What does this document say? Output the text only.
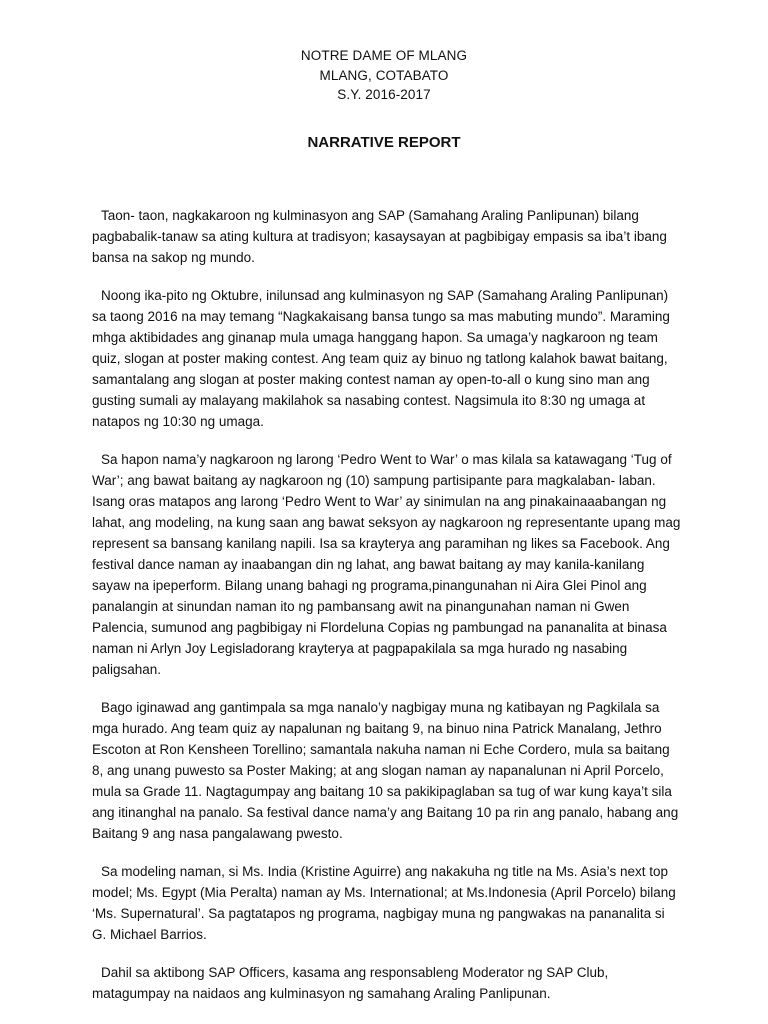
NOTRE DAME OF MLANG
MLANG, COTABATO
S.Y. 2016-2017
NARRATIVE REPORT

Taon- taon, nagkakaroon ng kulminasyon ang SAP (Samahang Araling Panlipunan) bilang pagbabalik-tanaw sa ating kultura at tradisyon; kasaysayan at pagbibigay empasis sa iba’t ibang bansa na sakop ng mundo.

Noong ika-pito ng Oktubre, inilunsad ang kulminasyon ng SAP (Samahang Araling Panlipunan) sa taong 2016 na may temang “Nagkakaisang bansa tungo sa mas mabuting mundo”. Maraming mhga aktibidades ang ginanap mula umaga hanggang hapon. Sa umaga’y nagkaroon ng team quiz, slogan at poster making contest. Ang team quiz ay binuo ng tatlong kalahok bawat baitang, samantalang ang slogan at poster making contest naman ay open-to-all o kung sino man ang gusting sumali ay malayang makilahok sa nasabing contest. Nagsimula ito 8:30 ng umaga at natapos ng 10:30 ng umaga.

Sa hapon nama’y nagkaroon ng larong ‘Pedro Went to War’ o mas kilala sa katawagang ‘Tug of War’; ang bawat baitang ay nagkaroon ng (10) sampung partisipante para magkalaban- laban. Isang oras matapos ang larong ‘Pedro Went to War’ ay sinimulan na ang pinakainaaabangan ng lahat, ang modeling, na kung saan ang bawat seksyon ay nagkaroon ng representante upang mag represent sa bansang kanilang napili. Isa sa krayterya ang paramihan ng likes sa Facebook. Ang festival dance naman ay inaabangan din ng lahat, ang bawat baitang ay may kanila-kanilang sayaw na ipeperform. Bilang unang bahagi ng programa,pinangunahan ni Aira Glei Pinol ang panalangin at sinundan naman ito ng pambansang awit na pinangunahan naman ni Gwen Palencia, sumunod ang pagbibigay ni Flordeluna Copias ng pambungad na pananalita at binasa naman ni Arlyn Joy Legisladorang krayterya at pagpapakilala sa mga hurado ng nasabing paligsahan.

Bago iginawad ang gantimpala sa mga nanalo’y nagbigay muna ng katibayan ng Pagkilala sa mga hurado. Ang team quiz ay napalunan ng baitang 9, na binuo nina Patrick Manalang, Jethro Escoton at Ron Kensheen Torellino; samantala nakuha naman ni Eche Cordero, mula sa baitang 8, ang unang puwesto sa Poster Making; at ang slogan naman ay napanalunan ni April Porcelo, mula sa Grade 11. Nagtagumpay ang baitang 10 sa pakikipaglaban sa tug of war kung kaya’t sila ang itinanghal na panalo. Sa festival dance nama’y ang Baitang 10 pa rin ang panalo, habang ang Baitang 9 ang nasa pangalawang pwesto.

Sa modeling naman, si Ms. India (Kristine Aguirre) ang nakakuha ng title na Ms. Asia’s next top model; Ms. Egypt (Mia Peralta) naman ay Ms. International; at Ms.Indonesia (April Porcelo) bilang ‘Ms. Supernatural’. Sa pagtatapos ng programa, nagbigay muna ng pangwakas na pananalita si G. Michael Barrios.

Dahil sa aktibong SAP Officers, kasama ang responsableng Moderator ng SAP Club, matagumpay na naidaos ang kulminasyon ng samahang Araling Panlipunan.
